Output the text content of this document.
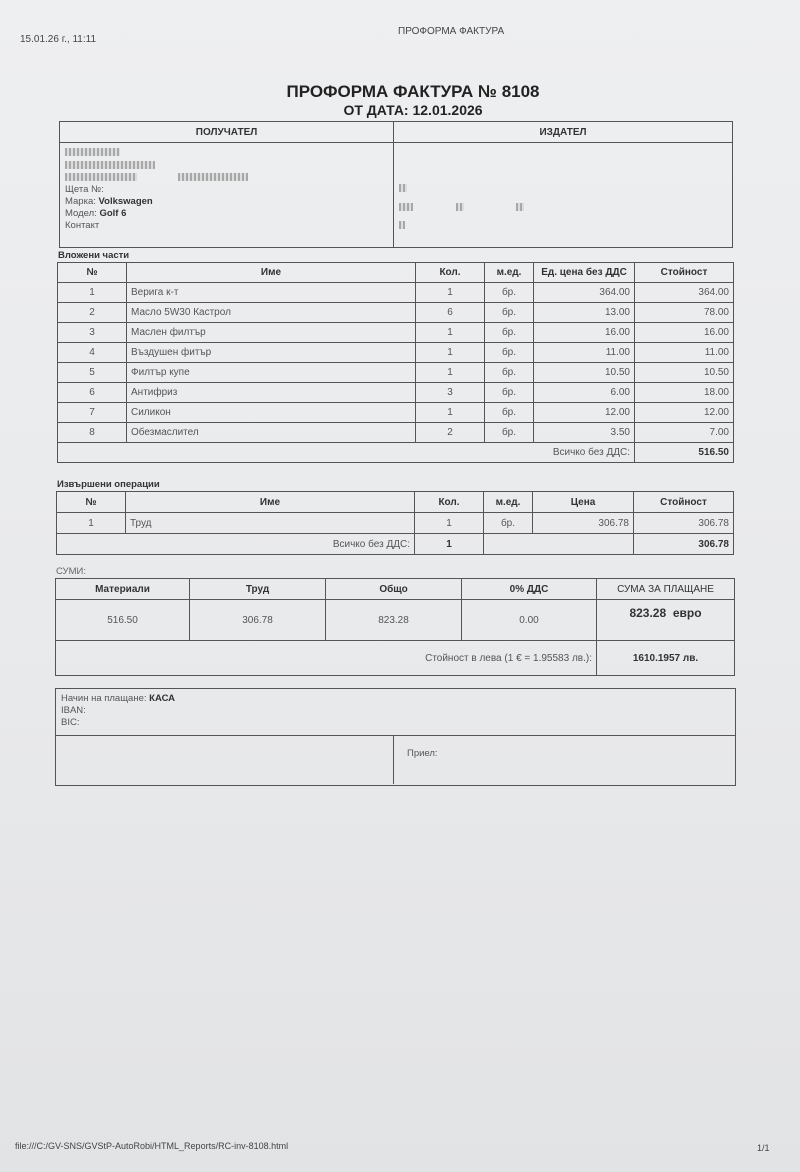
15.01.26 г., 11:11
ПРОФОРМА ФАКТУРА
ПРОФОРМА ФАКТУРА № 8108
ОТ ДАТА: 12.01.2026
ПОЛУЧАТЕЛ	ИЗДАТЕЛ

Щета №:
Марка: Volkswagen
Модел: Golf 6
Контакт	

Вложени части
№	Име	Кол.	м.ед.	Ед. цена без ДДС	Стойност
1	Верига к-т	1	бр.	364.00	364.00
2	Масло 5W30 Кастрол	6	бр.	13.00	78.00
3	Маслен филтър	1	бр.	16.00	16.00
4	Въздушен фитър	1	бр.	11.00	11.00
5	Филтър купе	1	бр.	10.50	10.50
6	Антифриз	3	бр.	6.00	18.00
7	Силикон	1	бр.	12.00	12.00
8	Обезмаслител	2	бр.	3.50	7.00
Всичко без ДДС:					516.50
Извършени операции
№	Име	Кол.	м.ед.	Цена	Стойност
1	Труд	1	бр.	306.78	306.78
Всичко без ДДС:		1			306.78
СУМИ:
Материали	Труд	Общо	0% ДДС	СУМА ЗА ПЛАЩАНЕ
516.50	306.78	823.28	0.00	823.28  евро
Стойност в лева (1 € = 1.95583 лв.):				1610.1957 лв.
Начин на плащане: КАСА
IBAN:
BIC:
Приел:
file:///C:/GV-SNS/GVStP-AutoRobi/HTML_Reports/RC-inv-8108.html	1/1
